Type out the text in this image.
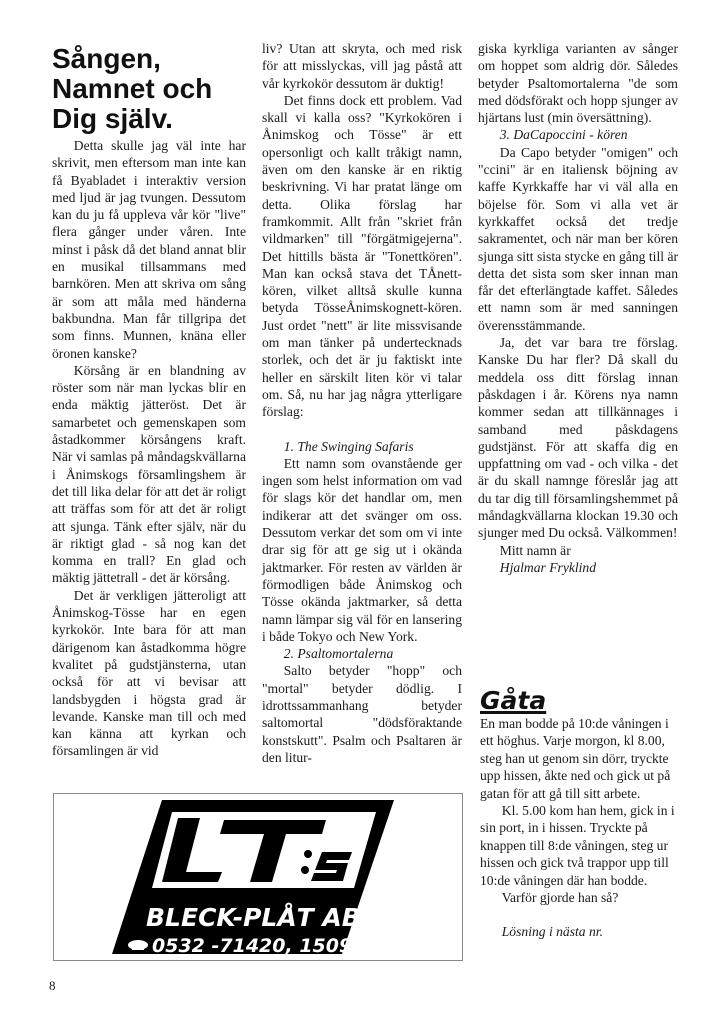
Sången, Namnet och Dig själv.

Detta skulle jag väl inte har skrivit, men eftersom man inte kan få Byabladet i interaktiv version med ljud är jag tvungen. Dessutom kan du ju få uppleva vår kör "live" flera gånger under våren. Inte minst i påsk då det bland annat blir en musikal tillsammans med barnkören. Men att skriva om sång är som att måla med händerna bakbundna. Man får tillgripa det som finns. Munnen, knäna eller öronen kanske?

Körsång är en blandning av röster som när man lyckas blir en enda mäktig jätteröst. Det är samarbetet och gemenskapen som åstadkommer körsångens kraft. När vi samlas på måndagskvällarna i Ånimskogs församlingshem är det till lika delar för att det är roligt att träffas som för att det är roligt att sjunga. Tänk efter själv, när du är riktigt glad - så nog kan det komma en trall? En glad och mäktig jättetrall - det är körsång.

Det är verkligen jätteroligt att Ånimskog-Tösse har en egen kyrkokör. Inte bara för att man därigenom kan åstadkomma högre kvalitet på gudstjänsterna, utan också för att vi bevisar att landsbygden i högsta grad är levande. Kanske man till och med kan känna att kyrkan och församlingen är vid

liv? Utan att skryta, och med risk för att misslyckas, vill jag påstå att vår kyrkokör dessutom är duktig!

Det finns dock ett problem. Vad skall vi kalla oss? "Kyrkokören i Ånimskog och Tösse" är ett opersonligt och kallt tråkigt namn, även om den kanske är en riktig beskrivning. Vi har pratat länge om detta. Olika förslag har framkommit. Allt från "skriet från vildmarken" till "förgätmigejerna". Det hittills bästa är "Tonettkören". Man kan också stava det TÅnett-kören, vilket alltså skulle kunna betyda TösseÅnimskognett-kören. Just ordet "nett" är lite missvisande om man tänker på undertecknads storlek, och det är ju faktiskt inte heller en särskilt liten kör vi talar om. Så, nu har jag några ytterligare förslag:

1. The Swinging Safaris

Ett namn som ovanstående ger ingen som helst information om vad för slags kör det handlar om, men indikerar att det svänger om oss. Dessutom verkar det som om vi inte drar sig för att ge sig ut i okända jaktmarker. För resten av världen är förmodligen både Ånimskog och Tösse okända jaktmarker, så detta namn lämpar sig väl för en lansering i både Tokyo och New York.

2. Psaltomortalerna

Salto betyder "hopp" och "mortal" betyder dödlig. I idrottssammanhang betyder saltomortal "dödsföraktande konstskutt". Psalm och Psaltaren är den litur-

giska kyrkliga varianten av sånger om hoppet som aldrig dör. Således betyder Psaltomortalerna "de som med dödsförakt och hopp sjunger av hjärtans lust (min översättning).

3. DaCapoccini - kören

Da Capo betyder "omigen" och "ccini" är en italiensk böjning av kaffe Kyrkkaffe har vi väl alla en böjelse för. Som vi alla vet är kyrkkaffet också det tredje sakramentet, och när man ber kören sjunga sitt sista stycke en gång till är detta det sista som sker innan man får det efterlängtade kaffet. Således ett namn som är med sanningen överensstämmande.

Ja, det var bara tre förslag. Kanske Du har fler? Då skall du meddela oss ditt förslag innan påskdagen i år. Körens nya namn kommer sedan att tillkännages i samband med påskdagens gudstjänst. För att skaffa dig en uppfattning om vad - och vilka - det är du skall namnge föreslår jag att du tar dig till församlingshemmet på måndagkvällarna klockan 19.30 och sjunger med Du också. Välkommen!

Mitt namn är

Hjalmar Fryklind

Gåta

En man bodde på 10:de våningen i ett höghus. Varje morgon, kl 8.00, steg han ut genom sin dörr, tryckte upp hissen, åkte ned och gick ut på gatan för att gå till sitt arbete.

Kl. 5.00 kom han hem, gick in i sin port, in i hissen. Tryckte på knappen till 8:de våningen, steg ur hissen och gick två trappor upp till 10:de våningen där han bodde.

Varför gjorde han så?

Lösning i nästa nr.

BLECK-PLÅT AB
0532 -71420, 15092
8
